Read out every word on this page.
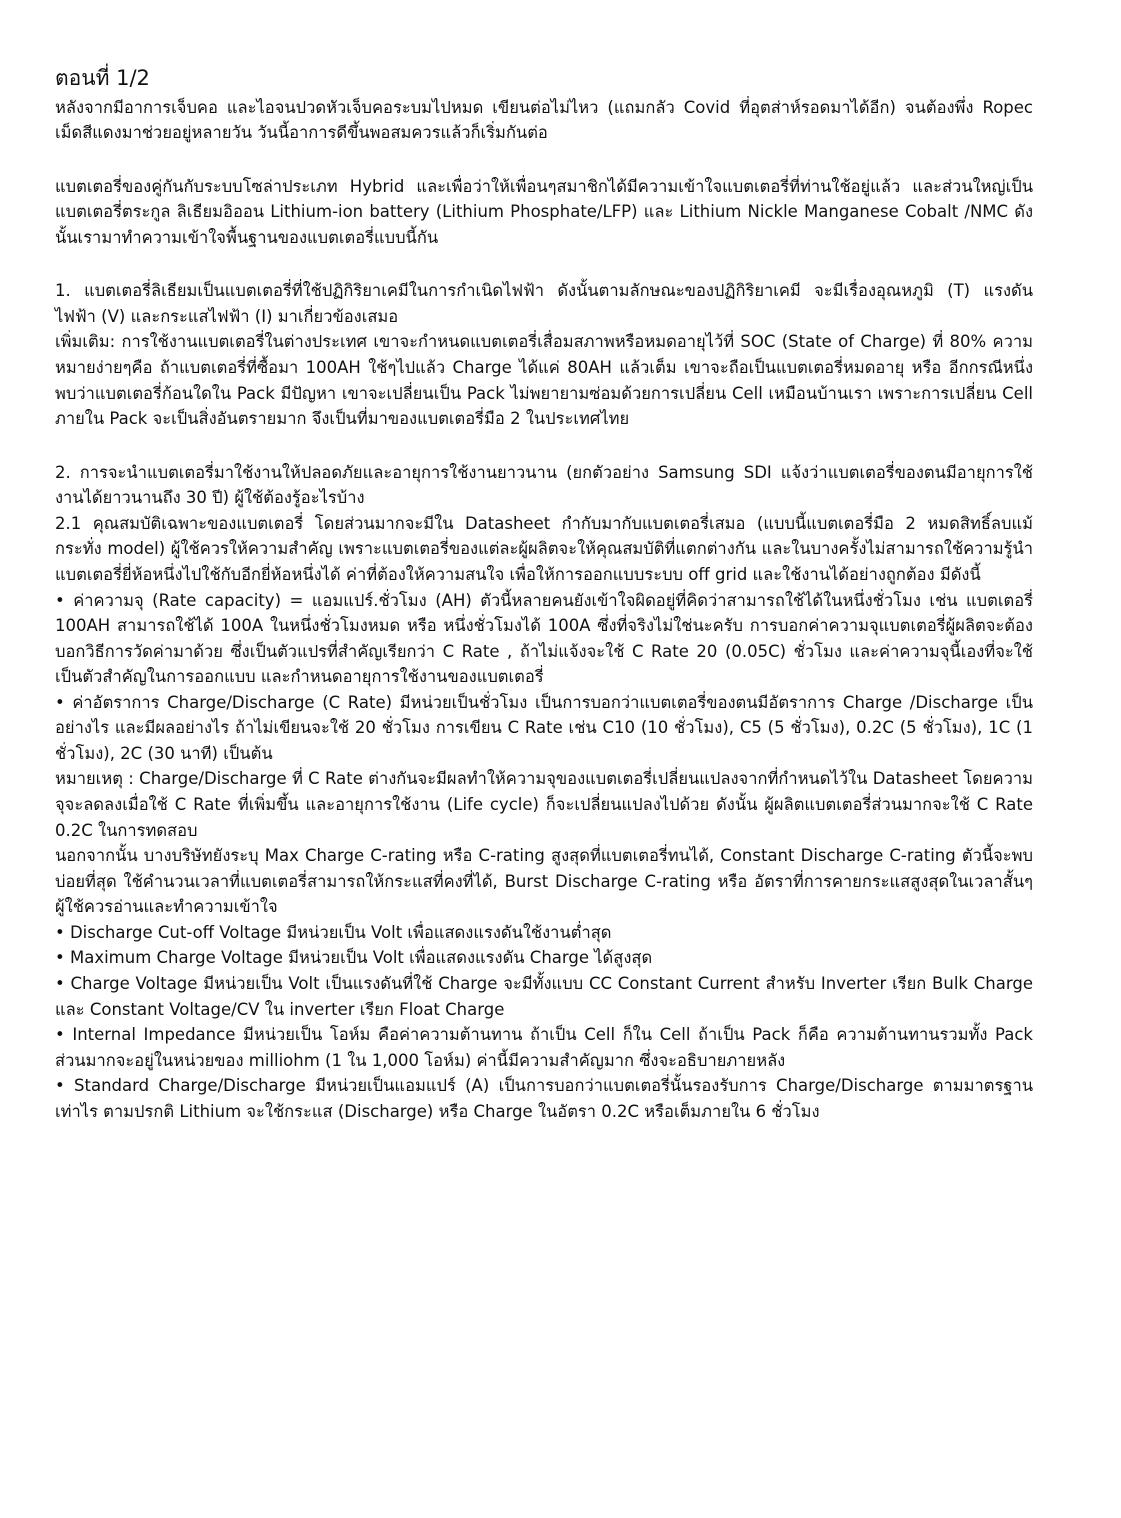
ตอนที่ 1/2

หลังจากมีอาการเจ็บคอ และไอจนปวดหัวเจ็บคอระบมไปหมด เขียนต่อไม่ไหว (แถมกลัว Covid ที่อุตส่าห์รอดมาได้อีก) จนต้องพึ่ง Ropec เม็ดสีแดงมาช่วยอยู่หลายวัน วันนี้อาการดีขึ้นพอสมควรแล้วก็เริ่มกันต่อ

แบตเตอรี่ของคู่กันกับระบบโซล่าประเภท Hybrid และเพื่อว่าให้เพื่อนๆสมาชิกได้มีความเข้าใจแบตเตอรี่ที่ท่านใช้อยู่แล้ว และส่วนใหญ่เป็นแบตเตอรี่ตระกูล ลิเธียมอิออน Lithium-ion battery (Lithium Phosphate/LFP) และ Lithium Nickle Manganese Cobalt /NMC ดังนั้นเรามาทำความเข้าใจพื้นฐานของแบตเตอรี่แบบนี้กัน

1. แบตเตอรี่ลิเธียมเป็นแบตเตอรี่ที่ใช้ปฏิกิริยาเคมีในการกำเนิดไฟฟ้า ดังนั้นตามลักษณะของปฏิกิริยาเคมี จะมีเรื่องอุณหภูมิ (T) แรงดันไฟฟ้า (V) และกระแสไฟฟ้า (I) มาเกี่ยวข้องเสมอ

เพิ่มเติม: การใช้งานแบตเตอรี่ในต่างประเทศ เขาจะกำหนดแบตเตอรี่เสื่อมสภาพหรือหมดอายุไว้ที่ SOC (State of Charge) ที่ 80% ความหมายง่ายๆคือ ถ้าแบตเตอรี่ที่ซื้อมา 100AH ใช้ๆไปแล้ว Charge ได้แค่ 80AH แล้วเต็ม เขาจะถือเป็นแบตเตอรี่หมดอายุ หรือ อีกกรณีหนึ่ง พบว่าแบตเตอรี่ก้อนใดใน Pack มีปัญหา เขาจะเปลี่ยนเป็น Pack ไม่พยายามซ่อมด้วยการเปลี่ยน Cell เหมือนบ้านเรา เพราะการเปลี่ยน Cell ภายใน Pack จะเป็นสิ่งอันตรายมาก จึงเป็นที่มาของแบตเตอรี่มือ 2 ในประเทศไทย

2. การจะนำแบตเตอรี่มาใช้งานให้ปลอดภัยและอายุการใช้งานยาวนาน (ยกตัวอย่าง Samsung SDI แจ้งว่าแบตเตอรี่ของตนมีอายุการใช้งานได้ยาวนานถึง 30 ปี) ผู้ใช้ต้องรู้อะไรบ้าง

2.1 คุณสมบัติเฉพาะของแบตเตอรี่ โดยส่วนมากจะมีใน Datasheet กำกับมากับแบตเตอรี่เสมอ (แบบนี้แบตเตอรี่มือ 2 หมดสิทธิ์ลบแม้กระทั่ง model) ผู้ใช้ควรให้ความสำคัญ เพราะแบตเตอรี่ของแต่ละผู้ผลิตจะให้คุณสมบัติที่แตกต่างกัน และในบางครั้งไม่สามารถใช้ความรู้นำแบตเตอรี่ยี่ห้อหนึ่งไปใช้กับอีกยี่ห้อหนึ่งได้ ค่าที่ต้องให้ความสนใจ เพื่อให้การออกแบบระบบ off grid และใช้งานได้อย่างถูกต้อง มีดังนี้

• ค่าความจุ (Rate capacity) = แอมแปร์.ชั่วโมง (AH) ตัวนี้หลายคนยังเข้าใจผิดอยู่ที่คิดว่าสามารถใช้ได้ในหนึ่งชั่วโมง เช่น แบตเตอรี่ 100AH สามารถใช้ได้ 100A ในหนึ่งชั่วโมงหมด หรือ หนึ่งชั่วโมงได้ 100A ซึ่งที่จริงไม่ใช่นะครับ การบอกค่าความจุแบตเตอรี่ผู้ผลิตจะต้องบอกวิธีการวัดค่ามาด้วย ซึ่งเป็นตัวแปรที่สำคัญเรียกว่า C Rate , ถ้าไม่แจ้งจะใช้ C Rate 20 (0.05C) ชั่วโมง และค่าความจุนี้เองที่จะใช้เป็นตัวสำคัญในการออกแบบ และกำหนดอายุการใช้งานของแบตเตอรี่

• ค่าอัตราการ Charge/Discharge (C Rate) มีหน่วยเป็นชั่วโมง เป็นการบอกว่าแบตเตอรี่ของตนมีอัตราการ Charge /Discharge เป็นอย่างไร และมีผลอย่างไร ถ้าไม่เขียนจะใช้ 20 ชั่วโมง การเขียน C Rate เช่น C10 (10 ชั่วโมง), C5 (5 ชั่วโมง), 0.2C (5 ชั่วโมง), 1C (1 ชั่วโมง), 2C (30 นาที) เป็นต้น

หมายเหตุ : Charge/Discharge ที่ C Rate ต่างกันจะมีผลทำให้ความจุของแบตเตอรี่เปลี่ยนแปลงจากที่กำหนดไว้ใน Datasheet โดยความจุจะลดลงเมื่อใช้ C Rate ที่เพิ่มขึ้น และอายุการใช้งาน (Life cycle) ก็จะเปลี่ยนแปลงไปด้วย ดังนั้น ผู้ผลิตแบตเตอรี่ส่วนมากจะใช้ C Rate 0.2C ในการทดสอบ

นอกจากนั้น บางบริษัทยังระบุ Max Charge C-rating หรือ C-rating สูงสุดที่แบตเตอรี่ทนได้, Constant Discharge C-rating ตัวนี้จะพบบ่อยที่สุด ใช้คำนวนเวลาที่แบตเตอรี่สามารถให้กระแสที่คงที่ได้, Burst Discharge C-rating หรือ อัตราที่การคายกระแสสูงสุดในเวลาสั้นๆ ผู้ใช้ควรอ่านและทำความเข้าใจ

• Discharge Cut-off Voltage มีหน่วยเป็น Volt เพื่อแสดงแรงดันใช้งานต่ำสุด

• Maximum Charge Voltage มีหน่วยเป็น Volt เพื่อแสดงแรงดัน Charge ได้สูงสุด

• Charge Voltage มีหน่วยเป็น Volt เป็นแรงดันที่ใช้ Charge จะมีทั้งแบบ CC Constant Current สำหรับ Inverter เรียก Bulk Charge และ Constant Voltage/CV ใน inverter เรียก Float Charge

• Internal Impedance มีหน่วยเป็น โอห์ม คือค่าความต้านทาน ถ้าเป็น Cell ก็ใน Cell ถ้าเป็น Pack ก็คือ ความต้านทานรวมทั้ง Pack ส่วนมากจะอยู่ในหน่วยของ milliohm (1 ใน 1,000 โอห์ม) ค่านี้มีความสำคัญมาก ซึ่งจะอธิบายภายหลัง

• Standard Charge/Discharge มีหน่วยเป็นแอมแปร์ (A) เป็นการบอกว่าแบตเตอรี่นั้นรองรับการ Charge/Discharge ตามมาตรฐานเท่าไร ตามปรกติ Lithium จะใช้กระแส (Discharge) หรือ Charge ในอัตรา 0.2C หรือเต็มภายใน 6 ชั่วโมง
